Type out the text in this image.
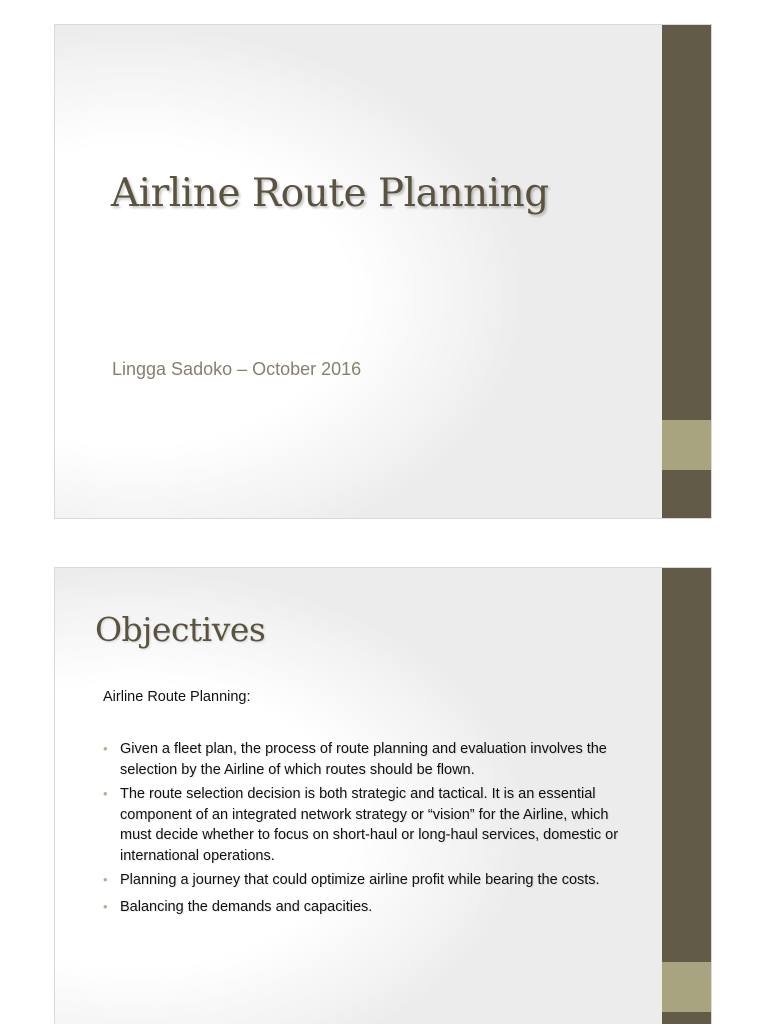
Airline Route Planning

Lingga Sadoko – October 2016

Objectives

Airline Route Planning:

• Given a fleet plan, the process of route planning and evaluation involves the selection by the Airline of which routes should be flown.
• The route selection decision is both strategic and tactical. It is an essential component of an integrated network strategy or “vision” for the Airline, which must decide whether to focus on short-haul or long-haul services, domestic or international operations.
• Planning a journey that could optimize airline profit while bearing the costs.
• Balancing the demands and capacities.
